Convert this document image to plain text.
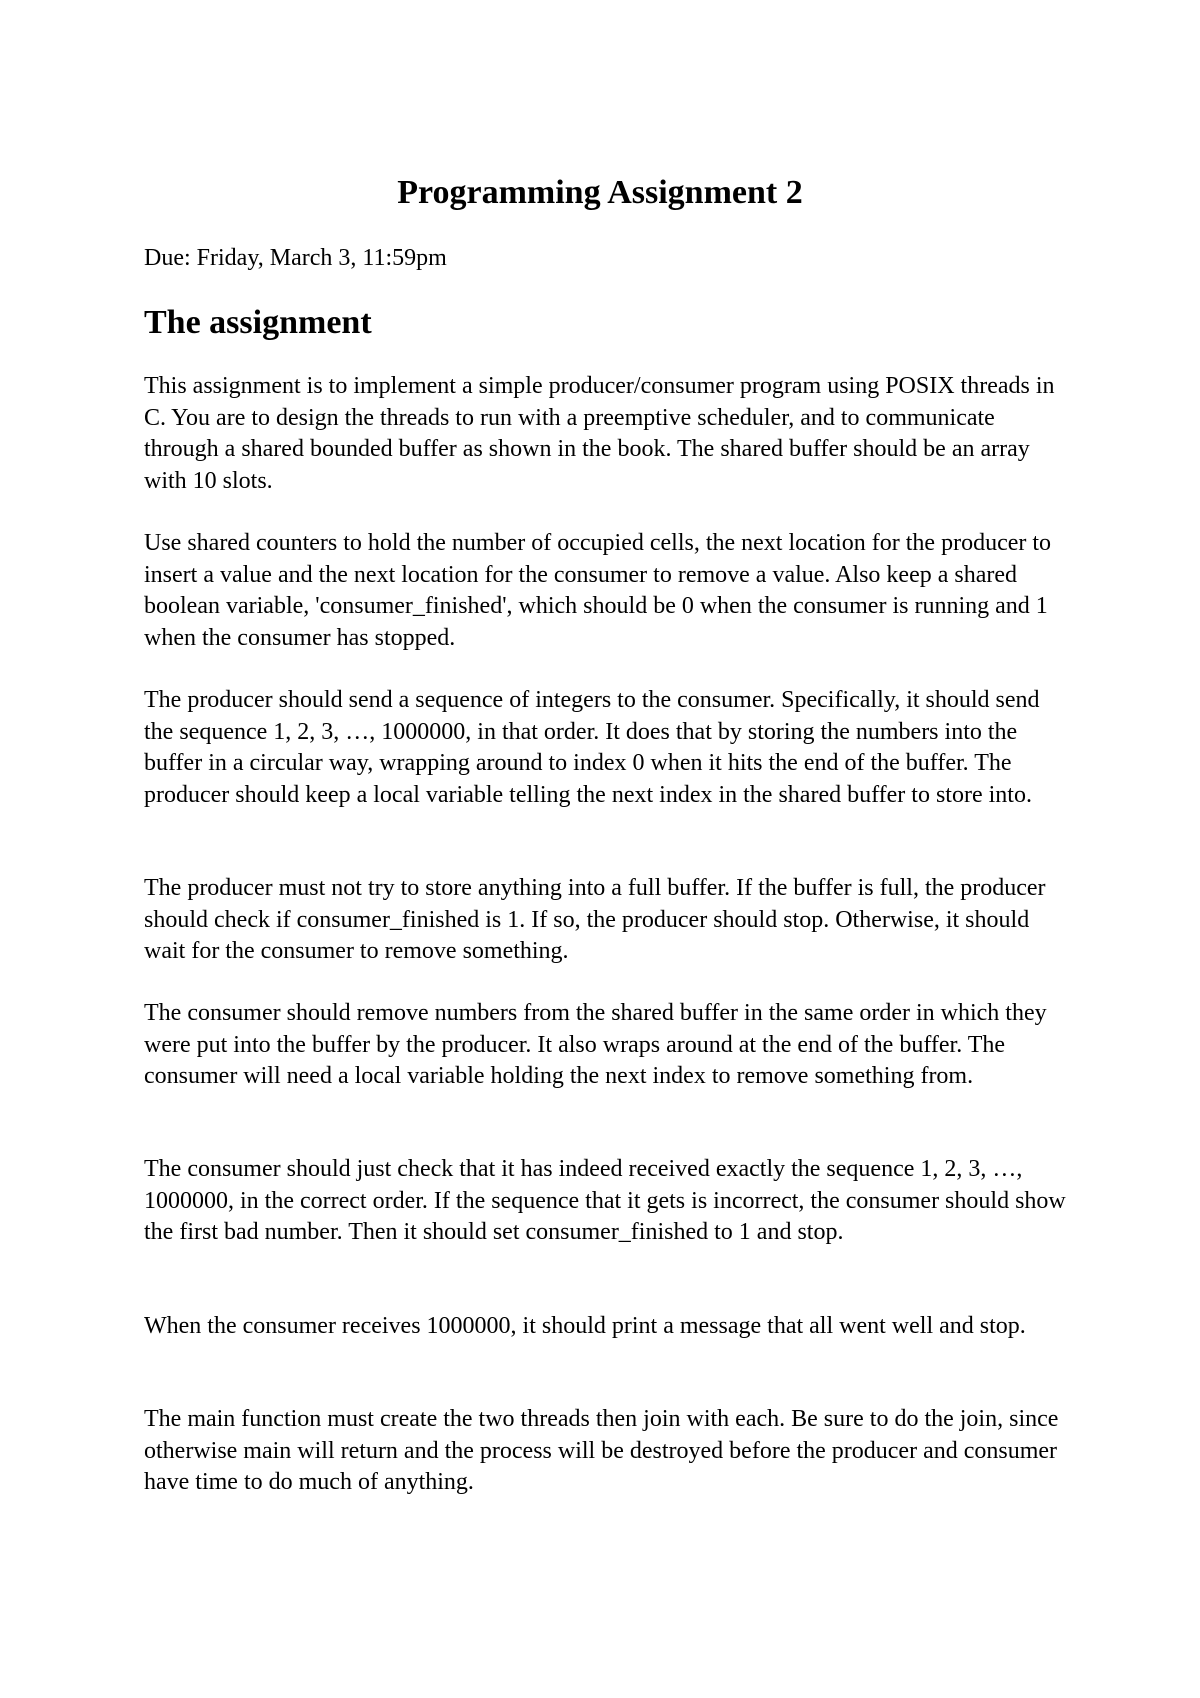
Programming Assignment 2

Due: Friday, March 3, 11:59pm

The assignment

This assignment is to implement a simple producer/consumer program using POSIX threads in C. You are to design the threads to run with a preemptive scheduler, and to communicate through a shared bounded buffer as shown in the book. The shared buffer should be an array with 10 slots.

Use shared counters to hold the number of occupied cells, the next location for the producer to insert a value and the next location for the consumer to remove a value. Also keep a shared boolean variable, 'consumer_finished', which should be 0 when the consumer is running and 1 when the consumer has stopped.

The producer should send a sequence of integers to the consumer. Specifically, it should send the sequence 1, 2, 3, …, 1000000, in that order. It does that by storing the numbers into the buffer in a circular way, wrapping around to index 0 when it hits the end of the buffer. The producer should keep a local variable telling the next index in the shared buffer to store into.

The producer must not try to store anything into a full buffer. If the buffer is full, the producer should check if consumer_finished is 1. If so, the producer should stop. Otherwise, it should wait for the consumer to remove something.

The consumer should remove numbers from the shared buffer in the same order in which they were put into the buffer by the producer. It also wraps around at the end of the buffer. The consumer will need a local variable holding the next index to remove something from.

The consumer should just check that it has indeed received exactly the sequence 1, 2, 3, …, 1000000, in the correct order. If the sequence that it gets is incorrect, the consumer should show the first bad number. Then it should set consumer_finished to 1 and stop.

When the consumer receives 1000000, it should print a message that all went well and stop.

The main function must create the two threads then join with each. Be sure to do the join, since otherwise main will return and the process will be destroyed before the producer and consumer have time to do much of anything.
